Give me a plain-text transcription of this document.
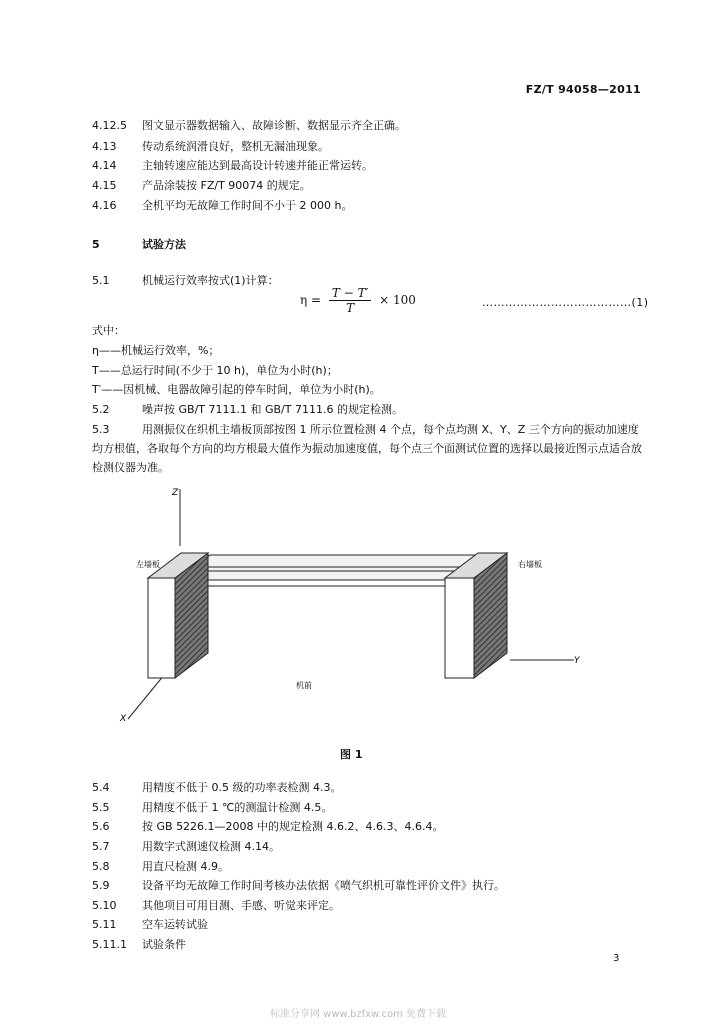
FZ/T 94058—2011
4.12.5 图文显示器数据输入、故障诊断、数据显示齐全正确。
4.13 传动系统润滑良好，整机无漏油现象。
4.14 主轴转速应能达到最高设计转速并能正常运转。
4.15 产品涂装按 FZ/T 90074 的规定。
4.16 全机平均无故障工作时间不小于 2 000 h。
5	试验方法
5.1	机械运行效率按式(1)计算：
$\eta = \frac{T - T'}{T} \times 100$	…………………………………(1)
式中：
η——机械运行效率，%；
T——总运行时间(不少于 10 h)，单位为小时(h)；
T′——因机械、电器故障引起的停车时间，单位为小时(h)。
5.2	噪声按 GB/T 7111.1 和 GB/T 7111.6 的规定检测。
5.3	用测振仪在织机主墙板顶部按图 1 所示位置检测 4 个点，每个点均测 X、Y、Z 三个方向的振动加速度均方根值，各取每个方向的均方根最大值作为振动加速度值，每个点三个面测试位置的选择以最接近图示点适合放检测仪器为准。
Z
X
Y
左墙板	右墙板
机前
图 1
5.4	用精度不低于 0.5 级的功率表检测 4.3。
5.5	用精度不低于 1 ℃的测温计检测 4.5。
5.6	按 GB 5226.1—2008 中的规定检测 4.6.2、4.6.3、4.6.4。
5.7	用数字式测速仪检测 4.14。
5.8	用直尺检测 4.9。
5.9	设备平均无故障工作时间考核办法依据《喷气织机可靠性评价文件》执行。
5.10 其他项目可用目测、手感、听觉来评定。
5.11 空车运转试验
5.11.1 试验条件
3
标准分享网 www.bzfxw.com 免费下载
